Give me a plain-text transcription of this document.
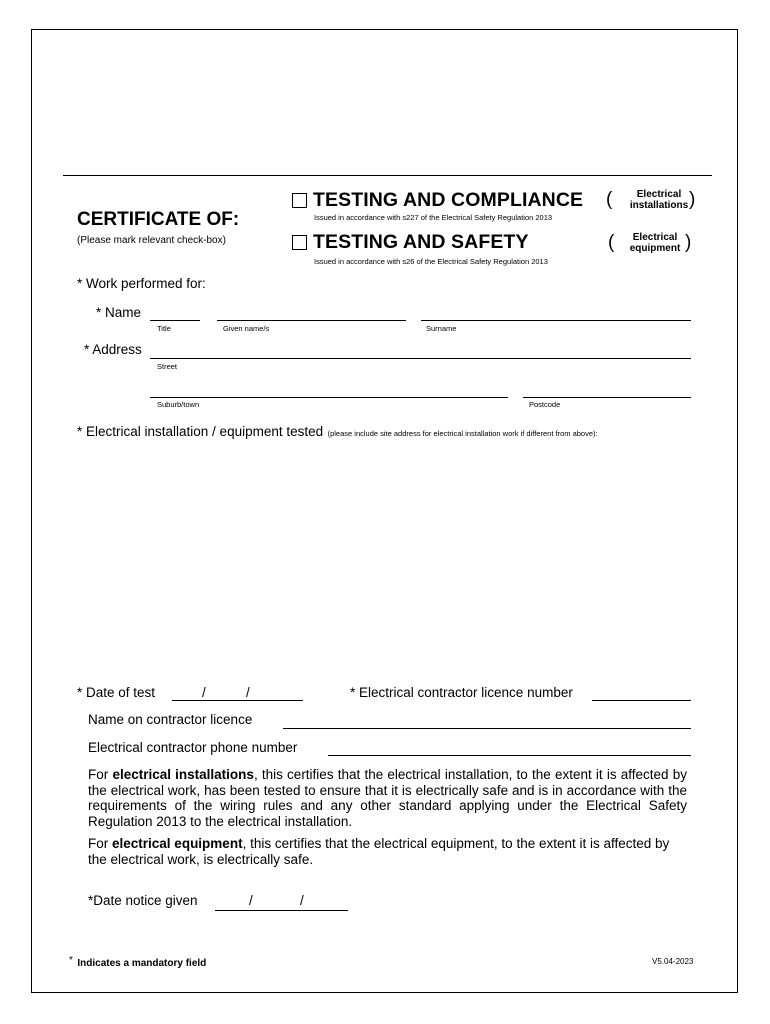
CERTIFICATE OF:
(Please mark relevant check-box)
TESTING AND COMPLIANCE
Issued in accordance with s227 of the Electrical Safety Regulation 2013
(	Electrical
installations )
TESTING AND SAFETY
Issued in accordance with s26 of the Electrical Safety Regulation 2013
(	Electrical
equipment )
* Work performed for:
* Name
Title	Given name/s	Surname
* Address
Street
Suburb/town	Postcode
* Electrical installation / equipment tested (please include site address for electrical installation work if different from above):
* Date of test	/	/	* Electrical contractor licence number
Name on contractor licence
Electrical contractor phone number
For electrical installations, this certifies that the electrical installation, to the extent it is affected by the electrical work, has been tested to ensure that it is electrically safe and is in accordance with the requirements of the wiring rules and any other standard applying under the Electrical Safety Regulation 2013 to the electrical installation.
For electrical equipment, this certifies that the electrical equipment, to the extent it is affected by the electrical work, is electrically safe.
*Date notice given	/	/
* Indicates a mandatory field	V5.04-2023
